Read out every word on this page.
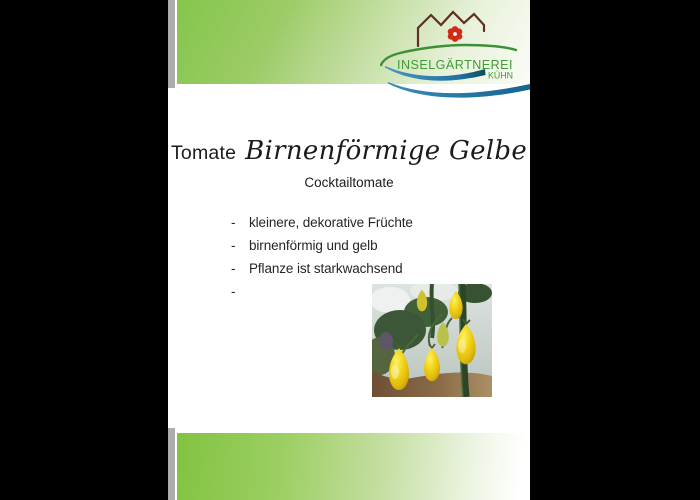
INSELGÄRTNEREI
KÜHN
Tomate Birnenförmige Gelbe
Cocktailtomate
-	kleinere, dekorative Früchte
-	birnenförmig und gelb
-	Pflanze ist starkwachsend
-
